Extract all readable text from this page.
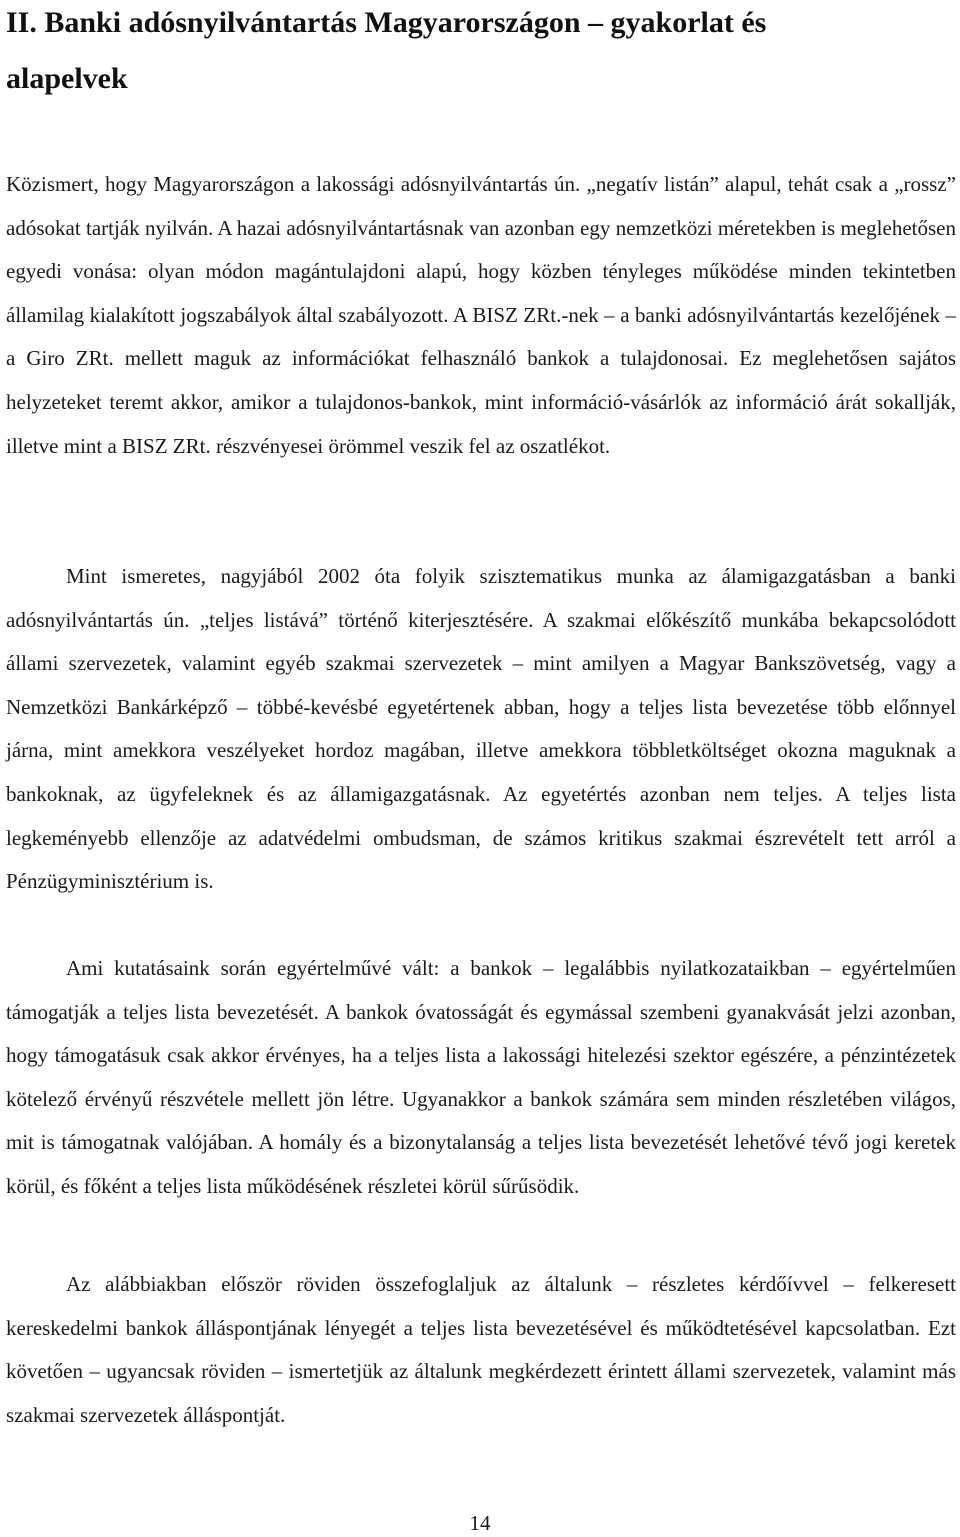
II. Banki adósnyilvántartás Magyarországon – gyakorlat és
alapelvek

Közismert, hogy Magyarországon a lakossági adósnyilvántartás ún. „negatív listán” alapul, tehát csak a „rossz” adósokat tartják nyilván. A hazai adósnyilvántartásnak van azonban egy nemzetközi méretekben is meglehetősen egyedi vonása: olyan módon magántulajdoni alapú, hogy közben tényleges működése minden tekintetben államilag kialakított jogszabályok által szabályozott. A BISZ ZRt.-nek – a banki adósnyilvántartás kezelőjének – a Giro ZRt. mellett maguk az információkat felhasználó bankok a tulajdonosai. Ez meglehetősen sajátos helyzeteket teremt akkor, amikor a tulajdonos-bankok, mint információ-vásárlók az információ árát sokallják, illetve mint a BISZ ZRt. részvényesei örömmel veszik fel az oszatlékot.

Mint ismeretes, nagyjából 2002 óta folyik szisztematikus munka az álamigazgatásban a banki adósnyilvántartás ún. „teljes listává” történő kiterjesztésére. A szakmai előkészítő munkába bekapcsolódott állami szervezetek, valamint egyéb szakmai szervezetek – mint amilyen a Magyar Bankszövetség, vagy a Nemzetközi Bankárképző – többé-kevésbé egyetértenek abban, hogy a teljes lista bevezetése több előnnyel járna, mint amekkora veszélyeket hordoz magában, illetve amekkora többletköltséget okozna maguknak a bankoknak, az ügyfeleknek és az államigazgatásnak. Az egyetértés azonban nem teljes. A teljes lista legkeményebb ellenzője az adatvédelmi ombudsman, de számos kritikus szakmai észrevételt tett arról a Pénzügyminisztérium is.

Ami kutatásaink során egyértelművé vált: a bankok – legalábbis nyilatkozataikban – egyértelműen támogatják a teljes lista bevezetését. A bankok óvatosságát és egymással szembeni gyanakvását jelzi azonban, hogy támogatásuk csak akkor érvényes, ha a teljes lista a lakossági hitelezési szektor egészére, a pénzintézetek kötelező érvényű részvétele mellett jön létre. Ugyanakkor a bankok számára sem minden részletében világos, mit is támogatnak valójában. A homály és a bizonytalanság a teljes lista bevezetését lehetővé tévő jogi keretek körül, és főként a teljes lista működésének részletei körül sűrűsödik.

Az alábbiakban először röviden összefoglaljuk az általunk – részletes kérdőívvel – felkeresett kereskedelmi bankok álláspontjának lényegét a teljes lista bevezetésével és működtetésével kapcsolatban. Ezt követően – ugyancsak röviden – ismertetjük az általunk megkérdezett érintett állami szervezetek, valamint más szakmai szervezetek álláspontját.

14
